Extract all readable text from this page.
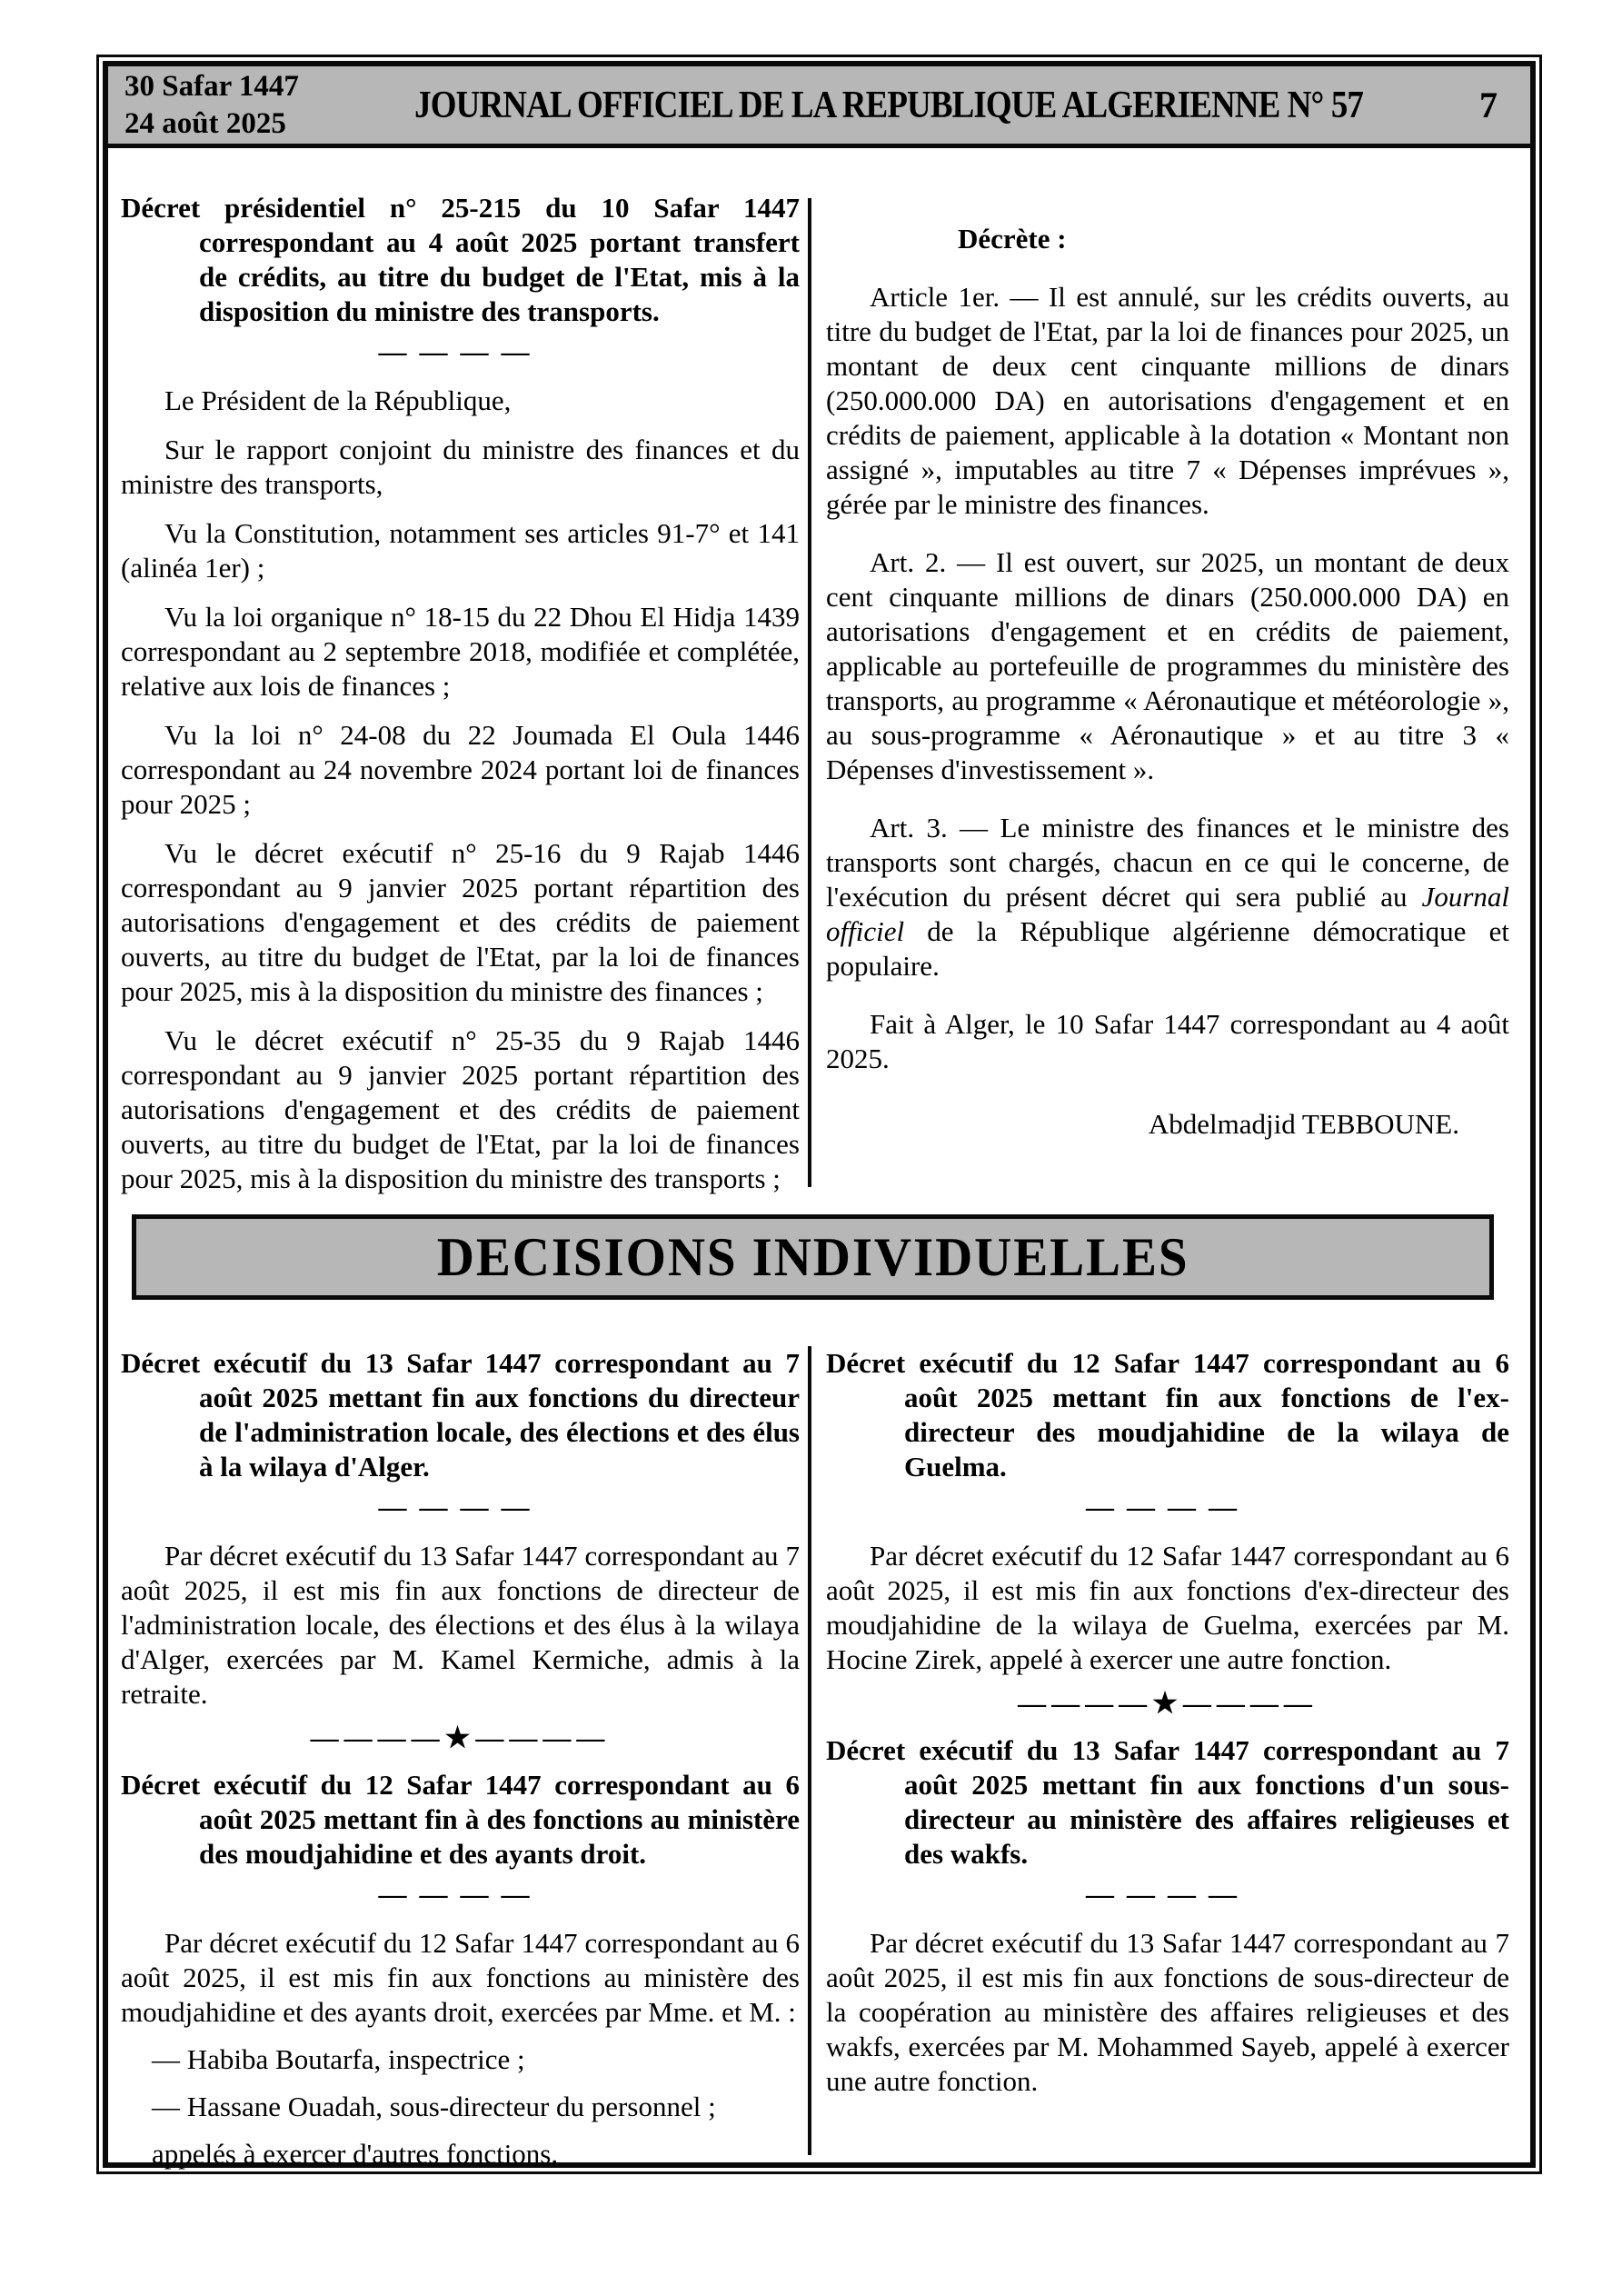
30 Safar 1447
24 août 2025	JOURNAL OFFICIEL DE LA REPUBLIQUE ALGERIENNE N° 57	7
Décret présidentiel n° 25-215 du 10 Safar 1447 correspondant au 4 août 2025 portant transfert de crédits, au titre du budget de l'Etat, mis à la disposition du ministre des transports.
————

Le Président de la République,

Sur le rapport conjoint du ministre des finances et du ministre des transports,

Vu la Constitution, notamment ses articles 91-7° et 141 (alinéa 1er) ;

Vu la loi organique n° 18-15 du 22 Dhou El Hidja 1439 correspondant au 2 septembre 2018, modifiée et complétée, relative aux lois de finances ;

Vu la loi n° 24-08 du 22 Joumada El Oula 1446 correspondant au 24 novembre 2024 portant loi de finances pour 2025 ;

Vu le décret exécutif n° 25-16 du 9 Rajab 1446 correspondant au 9 janvier 2025 portant répartition des autorisations d'engagement et des crédits de paiement ouverts, au titre du budget de l'Etat, par la loi de finances pour 2025, mis à la disposition du ministre des finances ;

Vu le décret exécutif n° 25-35 du 9 Rajab 1446 correspondant au 9 janvier 2025 portant répartition des autorisations d'engagement et des crédits de paiement ouverts, au titre du budget de l'Etat, par la loi de finances pour 2025, mis à la disposition du ministre des transports ;

Décrète :

Article 1er. — Il est annulé, sur les crédits ouverts, au titre du budget de l'Etat, par la loi de finances pour 2025, un montant de deux cent cinquante millions de dinars (250.000.000 DA) en autorisations d'engagement et en crédits de paiement, applicable à la dotation « Montant non assigné », imputables au titre 7 « Dépenses imprévues », gérée par le ministre des finances.

Art. 2. — Il est ouvert, sur 2025, un montant de deux cent cinquante millions de dinars (250.000.000 DA) en autorisations d'engagement et en crédits de paiement, applicable au portefeuille de programmes du ministère des transports, au programme « Aéronautique et météorologie », au sous-programme « Aéronautique » et au titre 3 « Dépenses d'investissement ».

Art. 3. — Le ministre des finances et le ministre des transports sont chargés, chacun en ce qui le concerne, de l'exécution du présent décret qui sera publié au Journal officiel de la République algérienne démocratique et populaire.

Fait à Alger, le 10 Safar 1447 correspondant au 4 août 2025.

Abdelmadjid TEBBOUNE.

DECISIONS INDIVIDUELLES
Décret exécutif du 13 Safar 1447 correspondant au 7 août 2025 mettant fin aux fonctions du directeur de l'administration locale, des élections et des élus à la wilaya d'Alger.
————

Par décret exécutif du 13 Safar 1447 correspondant au 7 août 2025, il est mis fin aux fonctions de directeur de l'administration locale, des élections et des élus à la wilaya d'Alger, exercées par M. Kamel Kermiche, admis à la retraite.

————★————
Décret exécutif du 12 Safar 1447 correspondant au 6 août 2025 mettant fin à des fonctions au ministère des moudjahidine et des ayants droit.
————

Par décret exécutif du 12 Safar 1447 correspondant au 6 août 2025, il est mis fin aux fonctions au ministère des moudjahidine et des ayants droit, exercées par Mme. et M. :

— Habiba Boutarfa, inspectrice ;

— Hassane Ouadah, sous-directeur du personnel ;

appelés à exercer d'autres fonctions.

Décret exécutif du 12 Safar 1447 correspondant au 6 août 2025 mettant fin aux fonctions de l'ex-directeur des moudjahidine de la wilaya de Guelma.
————

Par décret exécutif du 12 Safar 1447 correspondant au 6 août 2025, il est mis fin aux fonctions d'ex-directeur des moudjahidine de la wilaya de Guelma, exercées par M. Hocine Zirek, appelé à exercer une autre fonction.

————★————
Décret exécutif du 13 Safar 1447 correspondant au 7 août 2025 mettant fin aux fonctions d'un sous-directeur au ministère des affaires religieuses et des wakfs.
————

Par décret exécutif du 13 Safar 1447 correspondant au 7 août 2025, il est mis fin aux fonctions de sous-directeur de la coopération au ministère des affaires religieuses et des wakfs, exercées par M. Mohammed Sayeb, appelé à exercer une autre fonction.
